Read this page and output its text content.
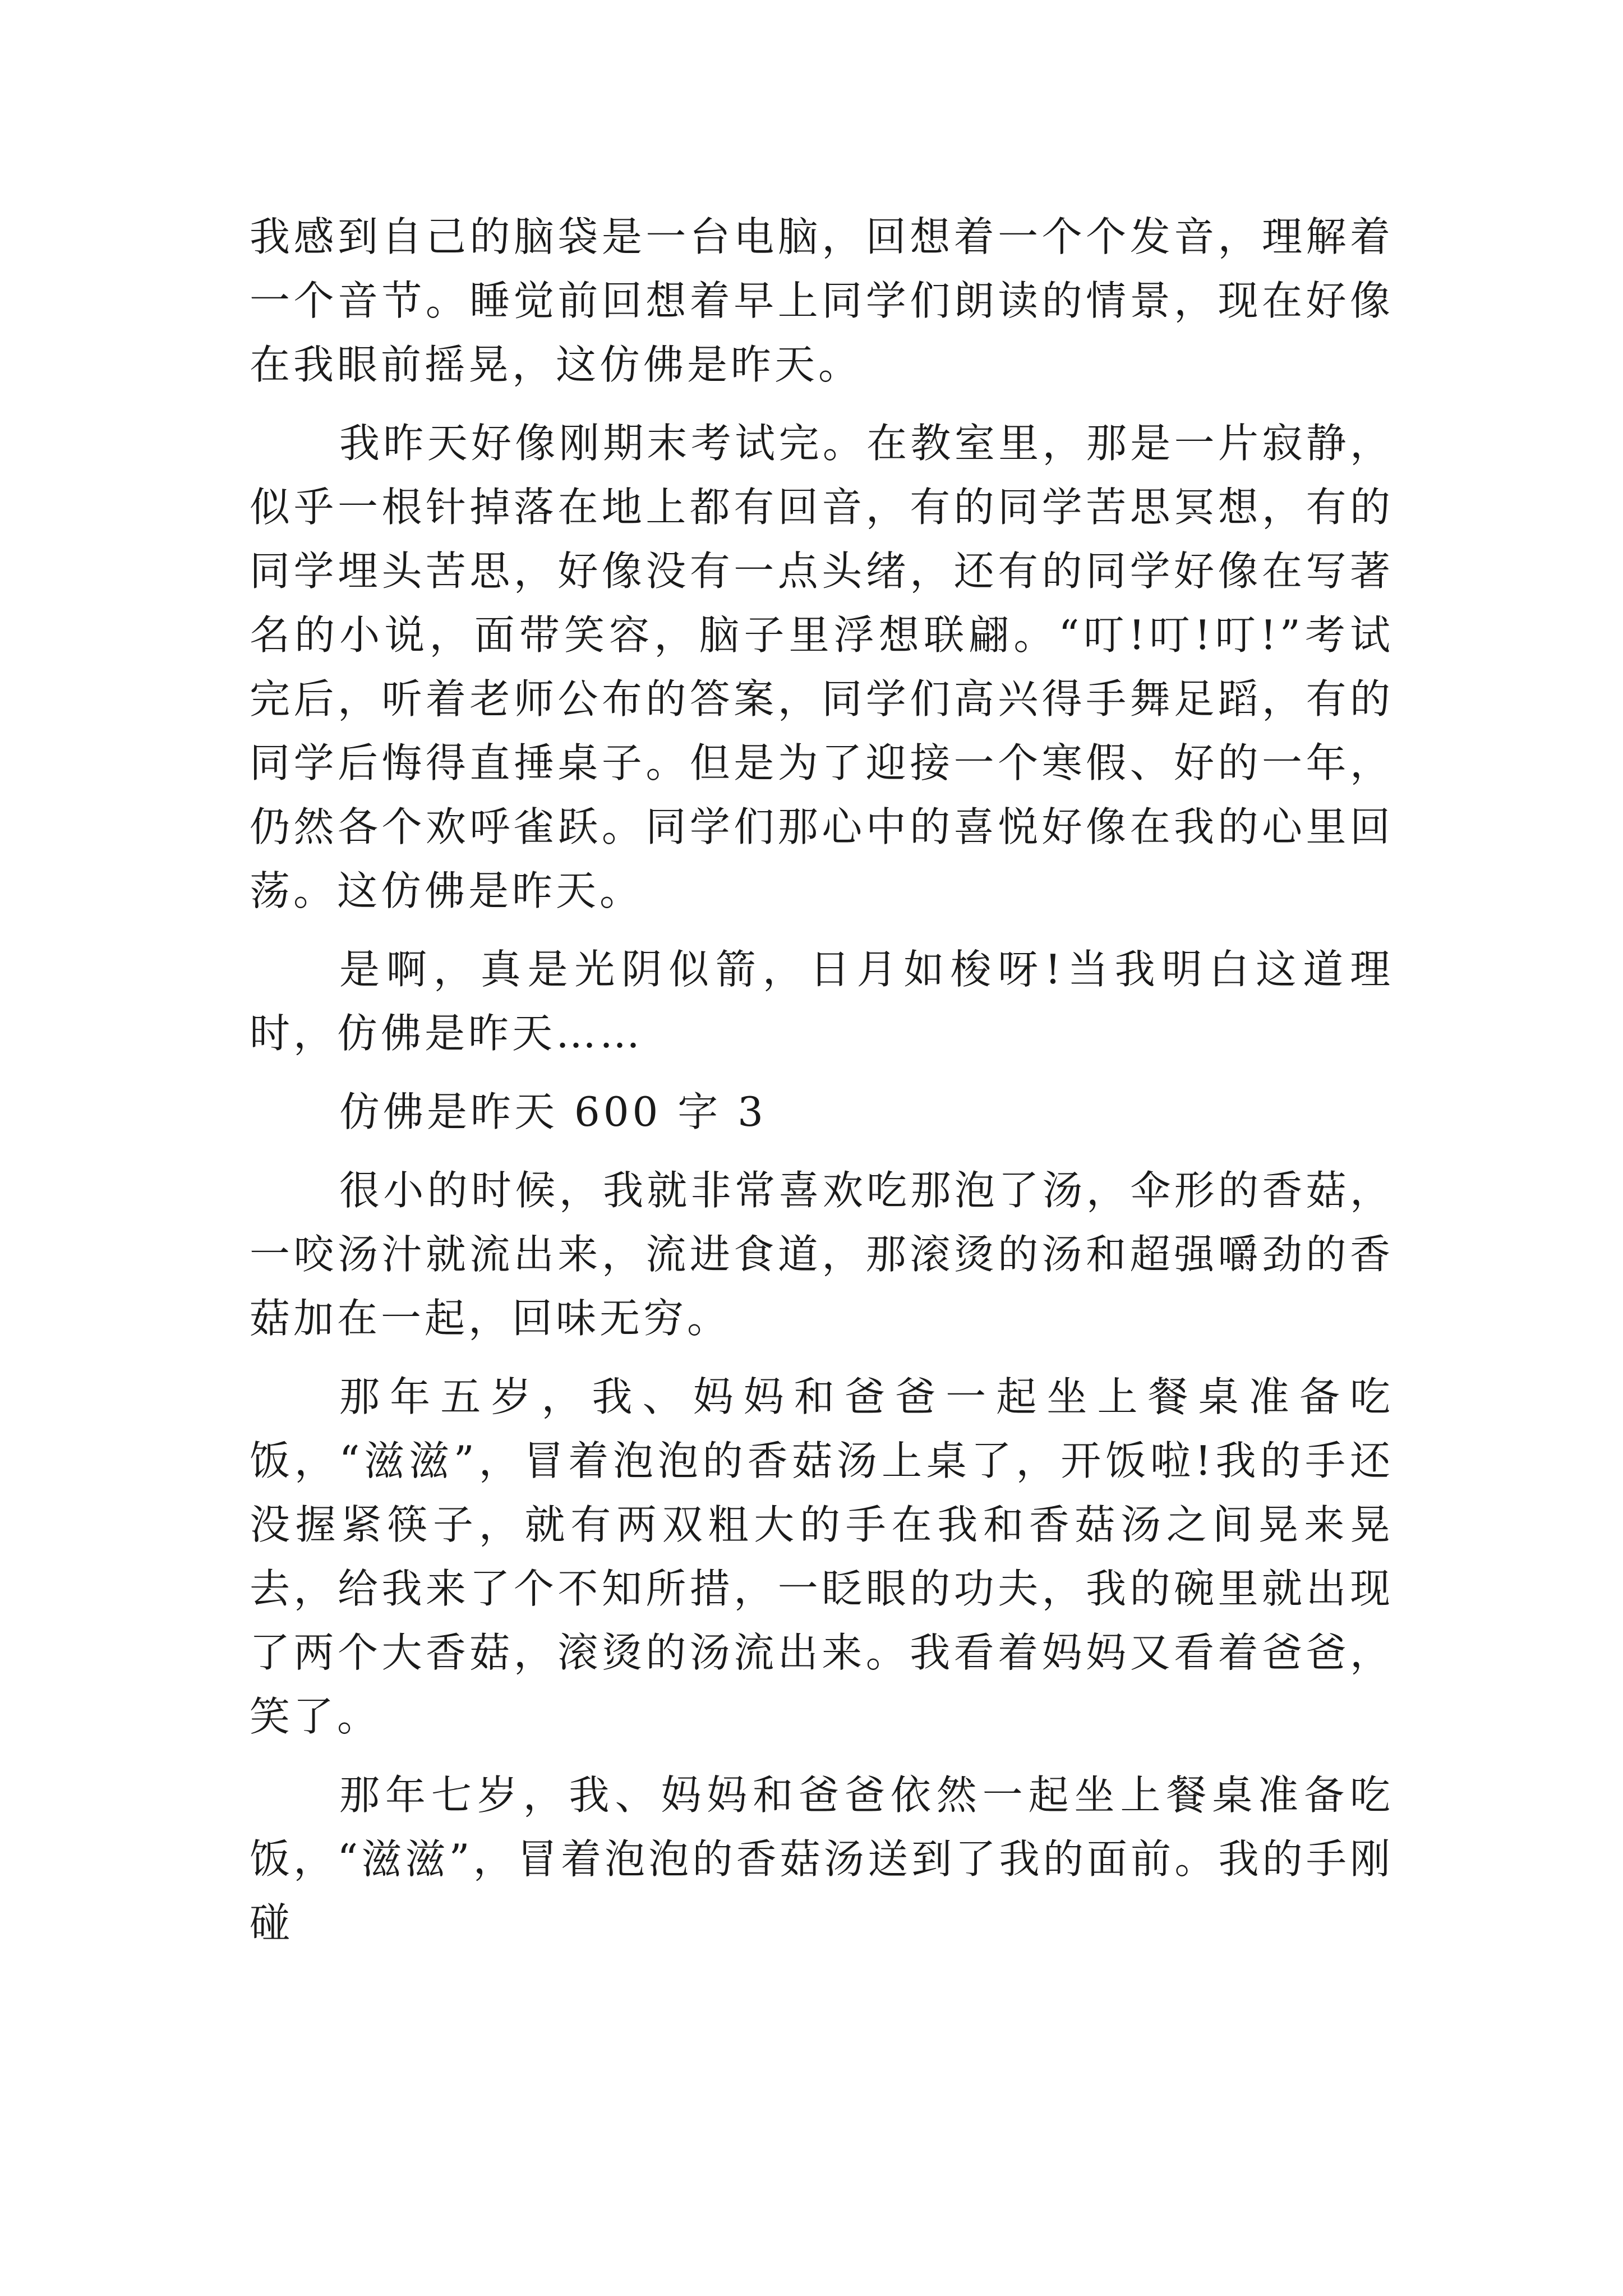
我感到自己的脑袋是一台电脑，回想着一个个发音，理解着一个音节。睡觉前回想着早上同学们朗读的情景，现在好像在我眼前摇晃，这仿佛是昨天。

我昨天好像刚期末考试完。在教室里，那是一片寂静，似乎一根针掉落在地上都有回音，有的同学苦思冥想，有的同学埋头苦思，好像没有一点头绪，还有的同学好像在写著名的小说，面带笑容，脑子里浮想联翩。“叮!叮!叮!”考试完后，听着老师公布的答案，同学们高兴得手舞足蹈，有的同学后悔得直捶桌子。但是为了迎接一个寒假、好的一年，仍然各个欢呼雀跃。同学们那心中的喜悦好像在我的心里回荡。这仿佛是昨天。

是啊，真是光阴似箭，日月如梭呀!当我明白这道理时，仿佛是昨天……

仿佛是昨天 600 字 3

很小的时候，我就非常喜欢吃那泡了汤，伞形的香菇，一咬汤汁就流出来，流进食道，那滚烫的汤和超强嚼劲的香菇加在一起，回味无穷。

那年五岁，我、妈妈和爸爸一起坐上餐桌准备吃饭，“滋滋”，冒着泡泡的香菇汤上桌了，开饭啦!我的手还没握紧筷子，就有两双粗大的手在我和香菇汤之间晃来晃去，给我来了个不知所措，一眨眼的功夫，我的碗里就出现了两个大香菇，滚烫的汤流出来。我看着妈妈又看着爸爸，笑了。

那年七岁，我、妈妈和爸爸依然一起坐上餐桌准备吃饭，“滋滋”，冒着泡泡的香菇汤送到了我的面前。我的手刚碰
